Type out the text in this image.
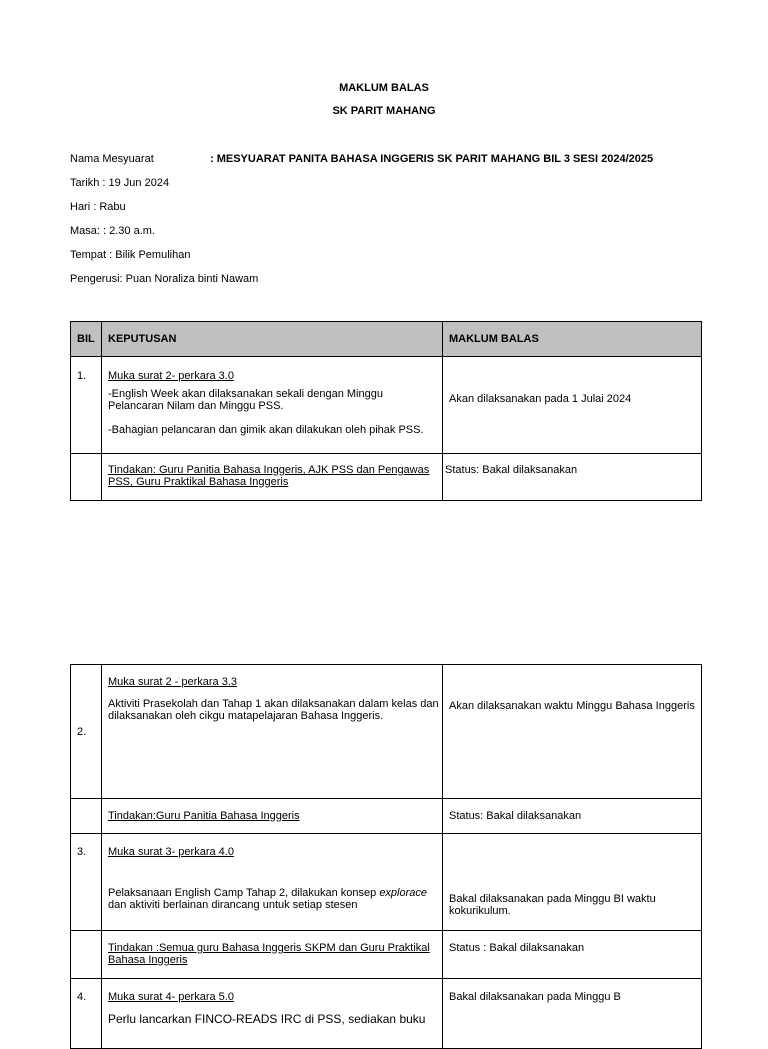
MAKLUM BALAS
SK PARIT MAHANG
Nama Mesyuarat	: MESYUARAT PANITA BAHASA INGGERIS SK PARIT MAHANG BIL 3 SESI 2024/2025
Tarikh : 19 Jun 2024
Hari : Rabu
Masa: : 2.30 a.m.
Tempat : Bilik Pemulihan
Pengerusi: Puan Noraliza binti Nawam
BIL	KEPUTUSAN	MAKLUM BALAS
1.	Muka surat 2- perkara 3.0

-English Week akan dilaksanakan sekali dengan Minggu Pelancaran Nilam dan Minggu PSS.

-Bahagian pelancaran dan gimik akan dilakukan oleh pihak PSS.	Akan dilaksanakan pada 1 Julai 2024

	Tindakan: Guru Panitia Bahasa Inggeris, AJK PSS dan Pengawas PSS, Guru Praktikal Bahasa Inggeris	Status: Bakal dilaksanakan
2.	Muka surat 2 - perkara 3.3

Aktiviti Prasekolah dan Tahap 1 akan dilaksanakan dalam kelas dan dilaksanakan oleh cikgu matapelajaran Bahasa Inggeris.	Akan dilaksanakan waktu Minggu Bahasa Inggeris

	Tindakan:Guru Panitia Bahasa Inggeris	Status: Bakal dilaksanakan
3.	Muka surat 3- perkara 4.0

Pelaksanaan English Camp Tahap 2, dilakukan konsep explorace dan aktiviti berlainan dirancang untuk setiap stesen	Bakal dilaksanakan pada Minggu BI waktu kokurikulum.

	Tindakan :Semua guru Bahasa Inggeris SKPM dan Guru Praktikal Bahasa Inggeris	Status : Bakal dilaksanakan
4.	Muka surat 4- perkara 5.0

Perlu lancarkan FINCO-READS IRC di PSS, sediakan buku	Bakal dilaksanakan pada Minggu B
